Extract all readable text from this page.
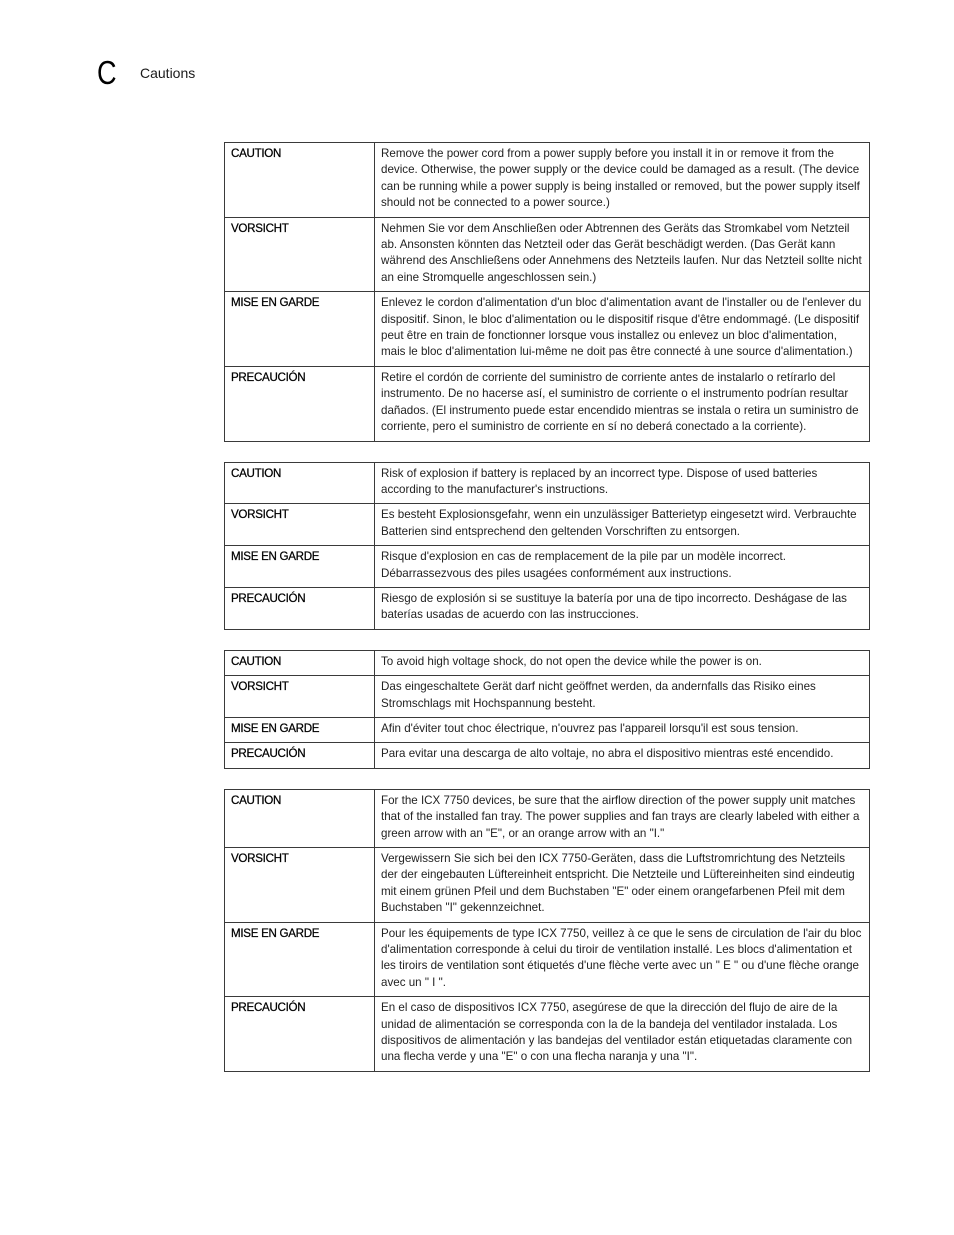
C Cautions
CAUTION	Remove the power cord from a power supply before you install it in or remove it from the device. Otherwise, the power supply or the device could be damaged as a result. (The device can be running while a power supply is being installed or removed, but the power supply itself should not be connected to a power source.)
VORSICHT	Nehmen Sie vor dem Anschließen oder Abtrennen des Geräts das Stromkabel vom Netzteil ab. Ansonsten könnten das Netzteil oder das Gerät beschädigt werden. (Das Gerät kann während des Anschließens oder Annehmens des Netzteils laufen. Nur das Netzteil sollte nicht an eine Stromquelle angeschlossen sein.)
MISE EN GARDE	Enlevez le cordon d'alimentation d'un bloc d'alimentation avant de l'installer ou de l'enlever du dispositif. Sinon, le bloc d'alimentation ou le dispositif risque d'être endommagé. (Le dispositif peut être en train de fonctionner lorsque vous installez ou enlevez un bloc d'alimentation, mais le bloc d'alimentation lui-même ne doit pas être connecté à une source d'alimentation.)
PRECAUCIÓN	Retire el cordón de corriente del suministro de corriente antes de instalarlo o retírarlo del instrumento. De no hacerse así, el suministro de corriente o el instrumento podrían resultar dañados. (El instrumento puede estar encendido mientras se instala o retira un suministro de corriente, pero el suministro de corriente en sí no deberá conectado a la corriente).
CAUTION	Risk of explosion if battery is replaced by an incorrect type. Dispose of used batteries according to the manufacturer's instructions.
VORSICHT	Es besteht Explosionsgefahr, wenn ein unzulässiger Batterietyp eingesetzt wird. Verbrauchte Batterien sind entsprechend den geltenden Vorschriften zu entsorgen.
MISE EN GARDE	Risque d'explosion en cas de remplacement de la pile par un modèle incorrect. Débarrassezvous des piles usagées conformément aux instructions.
PRECAUCIÓN	Riesgo de explosión si se sustituye la batería por una de tipo incorrecto. Deshágase de las baterías usadas de acuerdo con las instrucciones.
CAUTION	To avoid high voltage shock, do not open the device while the power is on.
VORSICHT	Das eingeschaltete Gerät darf nicht geöffnet werden, da andernfalls das Risiko eines Stromschlags mit Hochspannung besteht.
MISE EN GARDE	Afin d'éviter tout choc électrique, n'ouvrez pas l'appareil lorsqu'il est sous tension.
PRECAUCIÓN	Para evitar una descarga de alto voltaje, no abra el dispositivo mientras esté encendido.
CAUTION	For the ICX 7750 devices, be sure that the airflow direction of the power supply unit matches that of the installed fan tray. The power supplies and fan trays are clearly labeled with either a green arrow with an "E", or an orange arrow with an "I."
VORSICHT	Vergewissern Sie sich bei den ICX 7750-Geräten, dass die Luftstromrichtung des Netzteils der der eingebauten Lüftereinheit entspricht. Die Netzteile und Lüftereinheiten sind eindeutig mit einem grünen Pfeil und dem Buchstaben "E" oder einem orangefarbenen Pfeil mit dem Buchstaben "I" gekennzeichnet.
MISE EN GARDE	Pour les équipements de type ICX 7750, veillez à ce que le sens de circulation de l'air du bloc d'alimentation corresponde à celui du tiroir de ventilation installé. Les blocs d'alimentation et les tiroirs de ventilation sont étiquetés d'une flèche verte avec un " E " ou d'une flèche orange avec un " I ".
PRECAUCIÓN	En el caso de dispositivos ICX 7750, asegúrese de que la dirección del flujo de aire de la unidad de alimentación se corresponda con la de la bandeja del ventilador instalada. Los dispositivos de alimentación y las bandejas del ventilador están etiquetadas claramente con una flecha verde y una "E" o con una flecha naranja y una "I".
